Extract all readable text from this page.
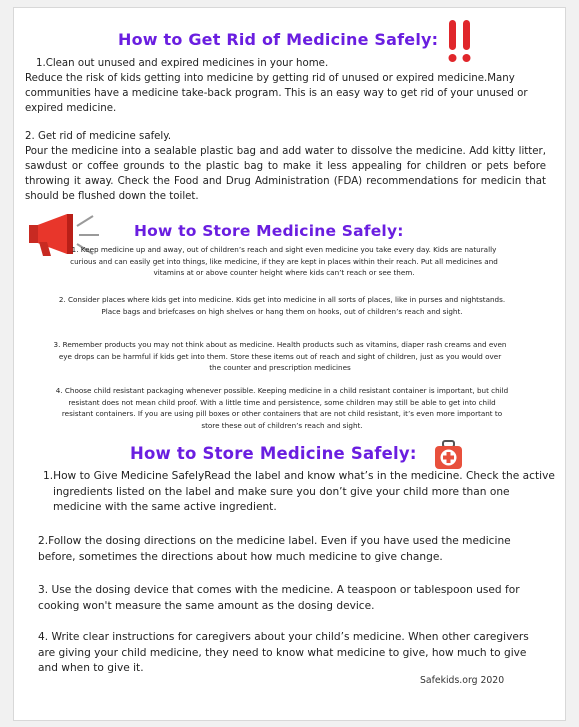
How to Get Rid of Medicine Safely:
1.Clean out unused and expired medicines in your home.
Reduce the risk of kids getting into medicine by getting rid of unused or expired medicine.Many communities have a medicine take-back program. This is an easy way to get rid of your unused or expired medicine.
2. Get rid of medicine safely.
Pour the medicine into a sealable plastic bag and add water to dissolve the medicine. Add kitty litter, sawdust or coffee grounds to the plastic bag to make it less appealing for children or pets before throwing it away. Check the Food and Drug Administration (FDA) recommendations for medicin that should be flushed down the toilet.
How to Store Medicine Safely:
1. Keep medicine up and away, out of children’s reach and sight even medicine you take every day. Kids are naturally curious and can easily get into things, like medicine, if they are kept in places within their reach. Put all medicines and vitamins at or above counter height where kids can’t reach or see them.
2. Consider places where kids get into medicine. Kids get into medicine in all sorts of places, like in purses and nightstands. Place bags and briefcases on high shelves or hang them on hooks, out of children’s reach and sight.
3. Remember products you may not think about as medicine. Health products such as vitamins, diaper rash creams and even eye drops can be harmful if kids get into them. Store these items out of reach and sight of children, just as you would over the counter and prescription medicines
4. Choose child resistant packaging whenever possible. Keeping medicine in a child resistant container is important, but child resistant does not mean child proof. With a little time and persistence, some children may still be able to get into child resistant containers. If you are using pill boxes or other containers that are not child resistant, it’s even more important to store these out of children’s reach and sight.
How to Store Medicine Safely:
1.How to Give Medicine SafelyRead the label and know what’s in the medicine. Check the active ingredients listed on the label and make sure you don’t give your child more than one medicine with the same active ingredient.
2.Follow the dosing directions on the medicine label. Even if you have used the medicine before, sometimes the directions about how much medicine to give change.
3. Use the dosing device that comes with the medicine. A teaspoon or tablespoon used for cooking won't measure the same amount as the dosing device.
4. Write clear instructions for caregivers about your child’s medicine. When other caregivers are giving your child medicine, they need to know what medicine to give, how much to give and when to give it.
Safekids.org 2020
